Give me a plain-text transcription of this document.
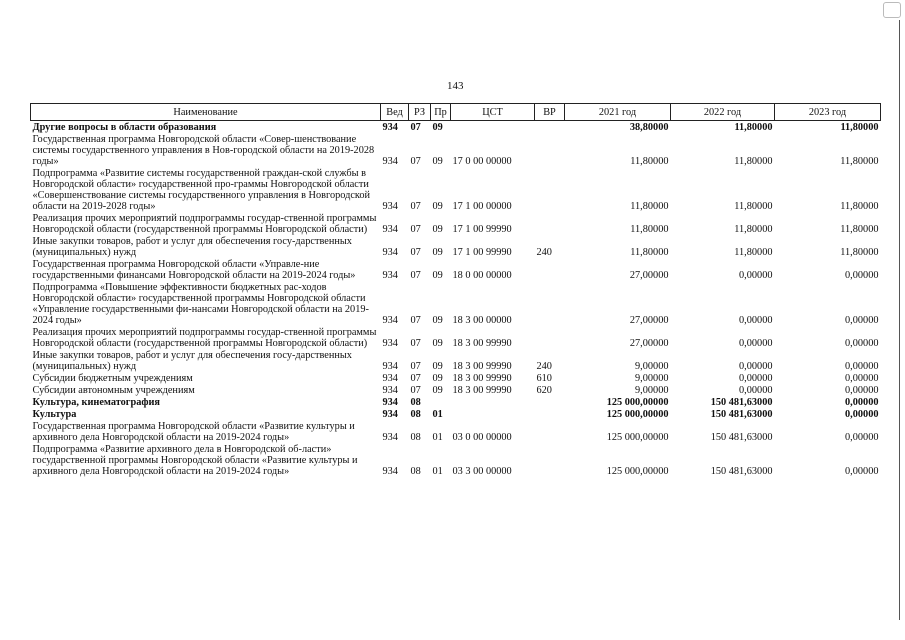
143
Наименование	Вед	РЗ	Пр	ЦСТ	ВР	2021 год	2022 год	2023 год
Другие вопросы в области образования	934	07	09			38,80000	11,80000	11,80000
Государственная программа Новгородской области «Совер-шенствование системы государственного управления в Нов-городской области на 2019-2028 годы»	934	07	09	17 0 00 00000		11,80000	11,80000	11,80000
Подпрограмма «Развитие системы государственной граждан-ской службы в Новгородской области» государственной про-граммы Новгородской области «Совершенствование системы государственного управления в Новгородской области на 2019-2028 годы»	934	07	09	17 1 00 00000		11,80000	11,80000	11,80000
Реализация прочих мероприятий подпрограммы государ-ственной программы Новгородской области (государственной программы Новгородской области)	934	07	09	17 1 00 99990		11,80000	11,80000	11,80000
Иные закупки товаров, работ и услуг для обеспечения госу-дарственных (муниципальных) нужд	934	07	09	17 1 00 99990	240	11,80000	11,80000	11,80000
Государственная программа Новгородской области «Управле-ние государственными финансами Новгородской области на 2019-2024 годы»	934	07	09	18 0 00 00000		27,00000	0,00000	0,00000
Подпрограмма «Повышение эффективности бюджетных рас-ходов Новгородской области» государственной программы Новгородской области «Управление государственными фи-нансами Новгородской области на 2019-2024 годы»	934	07	09	18 3 00 00000		27,00000	0,00000	0,00000
Реализация прочих мероприятий подпрограммы государ-ственной программы Новгородской области (государственной программы Новгородской области)	934	07	09	18 3 00 99990		27,00000	0,00000	0,00000
Иные закупки товаров, работ и услуг для обеспечения госу-дарственных (муниципальных) нужд	934	07	09	18 3 00 99990	240	9,00000	0,00000	0,00000
Субсидии бюджетным учреждениям	934	07	09	18 3 00 99990	610	9,00000	0,00000	0,00000
Субсидии автономным учреждениям	934	07	09	18 3 00 99990	620	9,00000	0,00000	0,00000
Культура, кинематография	934	08				125 000,00000	150 481,63000	0,00000
Культура	934	08	01			125 000,00000	150 481,63000	0,00000
Государственная программа Новгородской области «Развитие культуры и архивного дела Новгородской области на 2019-2024 годы»	934	08	01	03 0 00 00000		125 000,00000	150 481,63000	0,00000
Подпрограмма «Развитие архивного дела в Новгородской об-ласти» государственной программы Новгородской области «Развитие культуры и архивного дела Новгородской области на 2019-2024 годы»	934	08	01	03 3 00 00000		125 000,00000	150 481,63000	0,00000
